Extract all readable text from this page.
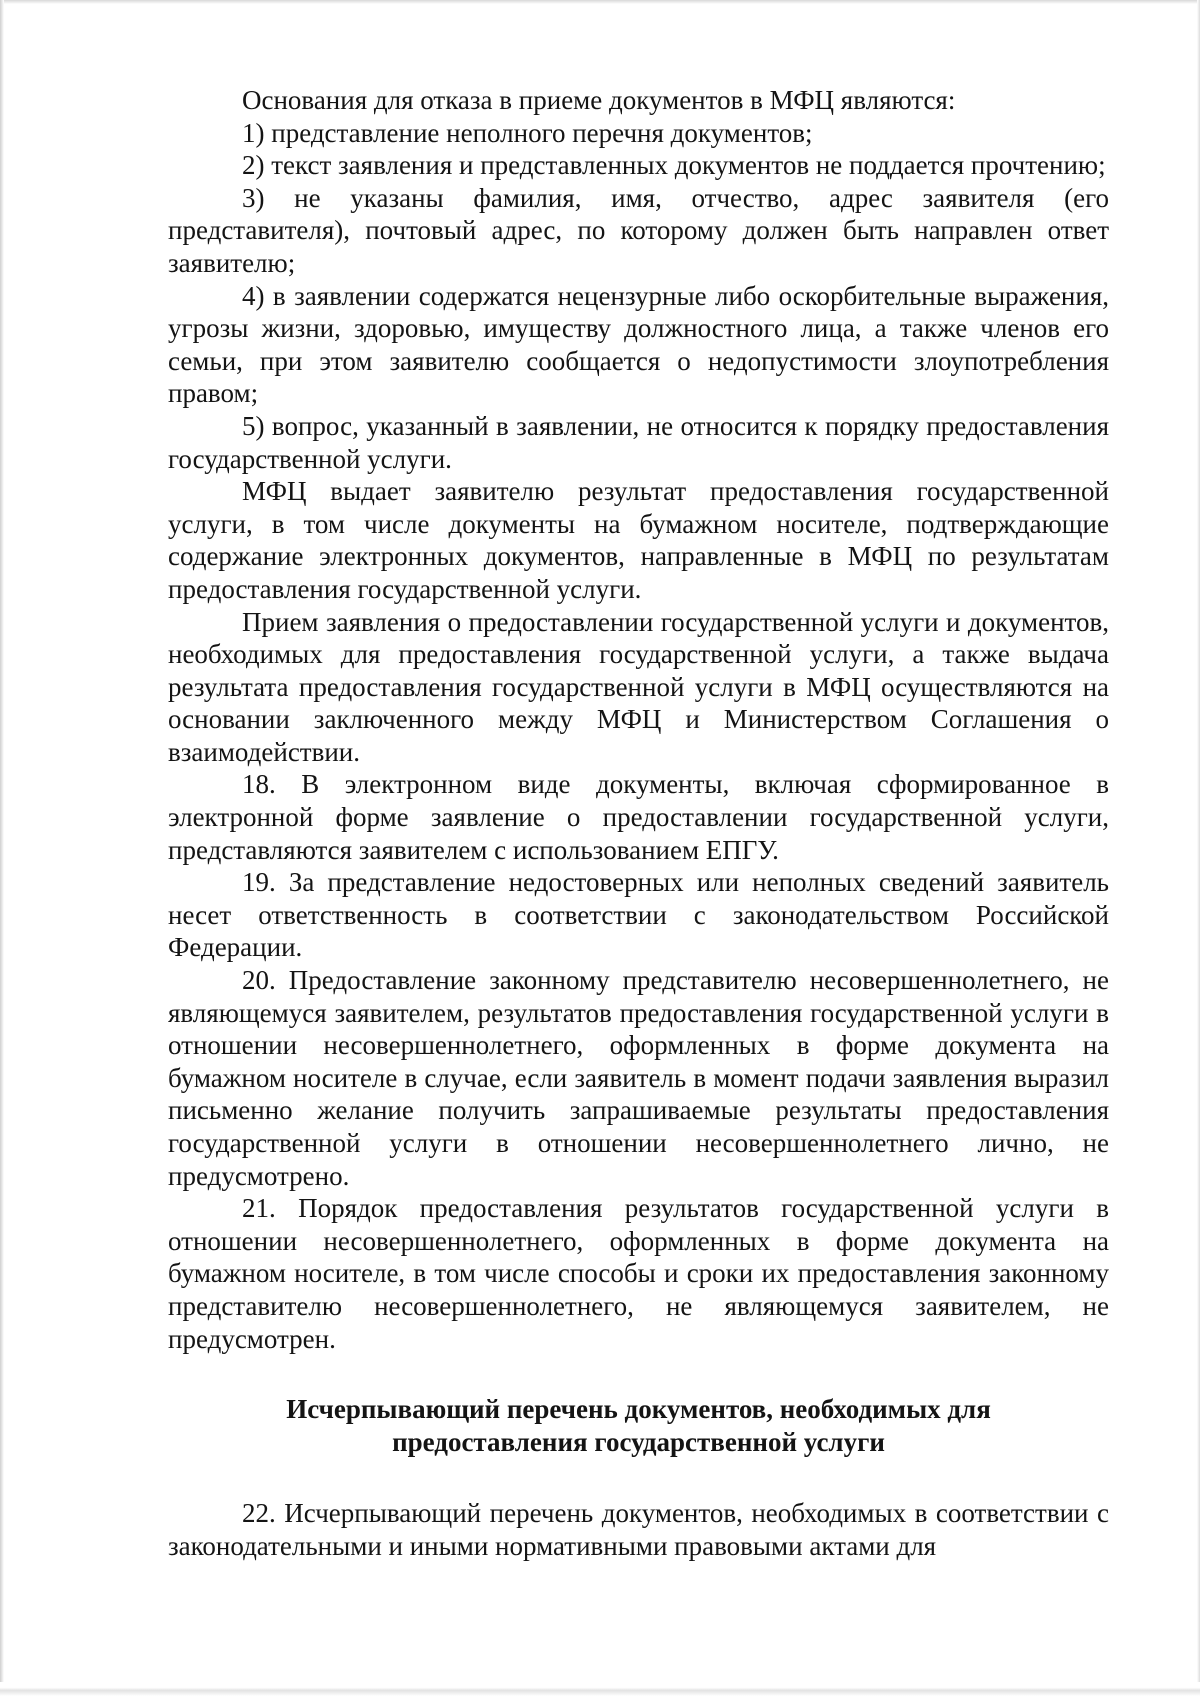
Основания для отказа в приеме документов в МФЦ являются:

1) представление неполного перечня документов;

2) текст заявления и представленных документов не поддается прочтению;

3) не указаны фамилия, имя, отчество, адрес заявителя (его представителя), почтовый адрес, по которому должен быть направлен ответ заявителю;

4) в заявлении содержатся нецензурные либо оскорбительные выражения, угрозы жизни, здоровью, имуществу должностного лица, а также членов его семьи, при этом заявителю сообщается о недопустимости злоупотребления правом;

5) вопрос, указанный в заявлении, не относится к порядку предоставления государственной услуги.

МФЦ выдает заявителю результат предоставления государственной услуги, в том числе документы на бумажном носителе, подтверждающие содержание электронных документов, направленные в МФЦ по результатам предоставления государственной услуги.

Прием заявления о предоставлении государственной услуги и документов, необходимых для предоставления государственной услуги, а также выдача результата предоставления государственной услуги в МФЦ осуществляются на основании заключенного между МФЦ и Министерством Соглашения о взаимодействии.

18. В электронном виде документы, включая сформированное в электронной форме заявление о предоставлении государственной услуги, представляются заявителем с использованием ЕПГУ.

19. За представление недостоверных или неполных сведений заявитель несет ответственность в соответствии с законодательством Российской Федерации.

20. Предоставление законному представителю несовершеннолетнего, не являющемуся заявителем, результатов предоставления государственной услуги в отношении несовершеннолетнего, оформленных в форме документа на бумажном носителе в случае, если заявитель в момент подачи заявления выразил письменно желание получить запрашиваемые результаты предоставления государственной услуги в отношении несовершеннолетнего лично, не предусмотрено.

21. Порядок предоставления результатов государственной услуги в отношении несовершеннолетнего, оформленных в форме документа на бумажном носителе, в том числе способы и сроки их предоставления законному представителю несовершеннолетнего, не являющемуся заявителем, не предусмотрен.

Исчерпывающий перечень документов, необходимых для
предоставления государственной услуги

22. Исчерпывающий перечень документов, необходимых в соответствии с законодательными и иными нормативными правовыми актами для
